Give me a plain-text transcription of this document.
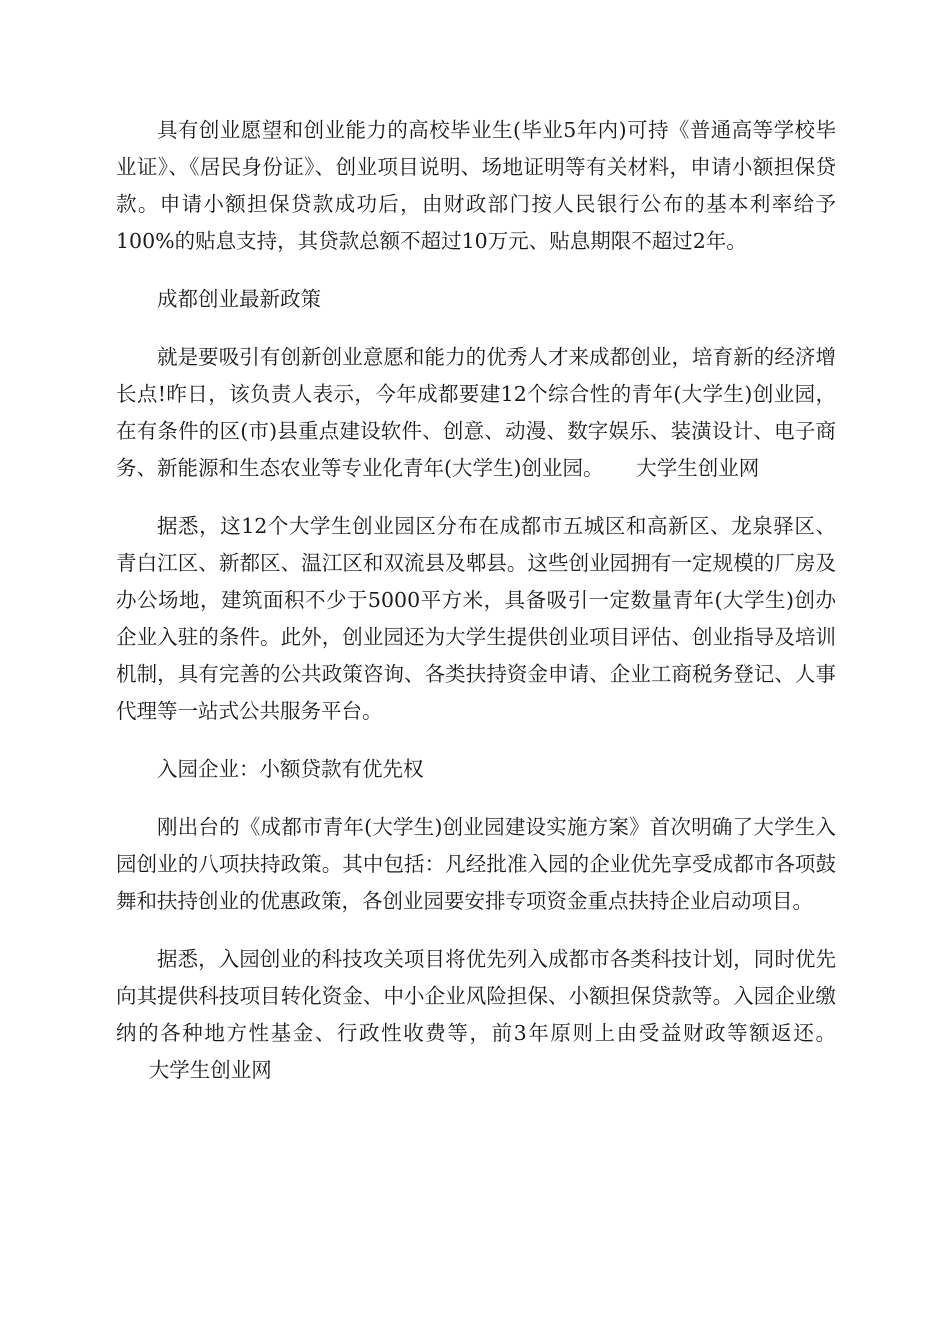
具有创业愿望和创业能力的高校毕业生(毕业5年内)可持《普通高等学校毕业证》、《居民身份证》、创业项目说明、场地证明等有关材料，申请小额担保贷款。申请小额担保贷款成功后，由财政部门按人民银行公布的基本利率给予100%的贴息支持，其贷款总额不超过10万元、贴息期限不超过2年。

成都创业最新政策

就是要吸引有创新创业意愿和能力的优秀人才来成都创业，培育新的经济增长点!昨日，该负责人表示，今年成都要建12个综合性的青年(大学生)创业园，在有条件的区(市)县重点建设软件、创意、动漫、数字娱乐、装潢设计、电子商务、新能源和生态农业等专业化青年(大学生)创业园。 大学生创业网

据悉，这12个大学生创业园区分布在成都市五城区和高新区、龙泉驿区、青白江区、新都区、温江区和双流县及郫县。这些创业园拥有一定规模的厂房及办公场地，建筑面积不少于5000平方米，具备吸引一定数量青年(大学生)创办企业入驻的条件。此外，创业园还为大学生提供创业项目评估、创业指导及培训机制，具有完善的公共政策咨询、各类扶持资金申请、企业工商税务登记、人事代理等一站式公共服务平台。

入园企业：小额贷款有优先权

刚出台的《成都市青年(大学生)创业园建设实施方案》首次明确了大学生入园创业的八项扶持政策。其中包括：凡经批准入园的企业优先享受成都市各项鼓舞和扶持创业的优惠政策，各创业园要安排专项资金重点扶持企业启动项目。

据悉，入园创业的科技攻关项目将优先列入成都市各类科技计划，同时优先向其提供科技项目转化资金、中小企业风险担保、小额担保贷款等。入园企业缴纳的各种地方性基金、行政性收费等，前3年原则上由受益财政等额返还。大学生创业网
